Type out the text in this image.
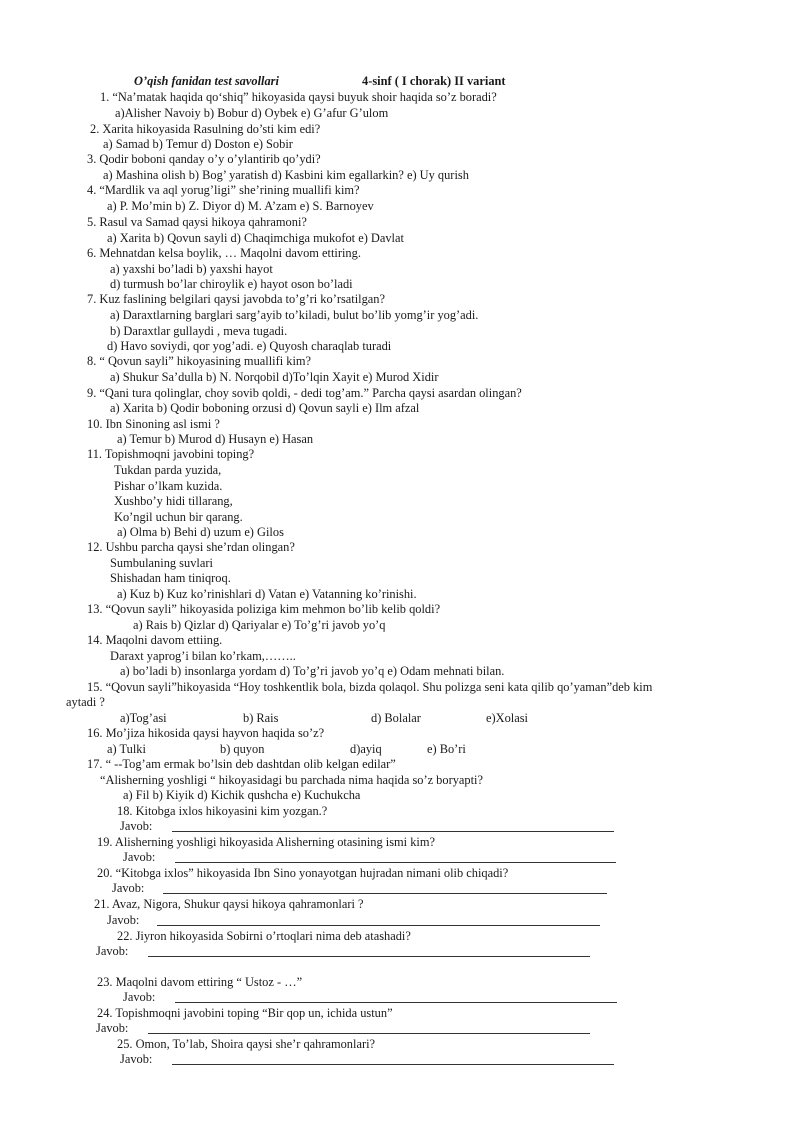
O’qish fanidan test savollari	4-sinf ( I chorak) II variant
1. “Na’matak haqida qo‘shiq” hikoyasida qaysi buyuk shoir haqida so’z boradi?
a)Alisher Navoiy b) Bobur d) Oybek e) G’afur G’ulom
2. Xarita hikoyasida Rasulning do’sti kim edi?
a) Samad b) Temur d) Doston e) Sobir
3. Qodir boboni qanday o’y o’ylantirib qo’ydi?
a) Mashina olish b) Bog’ yaratish d) Kasbini kim egallarkin? e) Uy qurish
4. “Mardlik va aql yorug’ligi” she’rining muallifi kim?
a) P. Mo’min b) Z. Diyor d) M. A’zam e) S. Barnoyev
5. Rasul va Samad qaysi hikoya qahramoni?
a) Xarita b) Qovun sayli d) Chaqimchiga mukofot e) Davlat
6. Mehnatdan kelsa boylik, … Maqolni davom ettiring.
a) yaxshi bo’ladi b) yaxshi hayot
d) turmush bo’lar chiroylik e) hayot oson bo’ladi
7. Kuz faslining belgilari qaysi javobda to’g’ri ko’rsatilgan?
a) Daraxtlarning barglari sarg’ayib to’kiladi, bulut bo’lib yomg’ir yog’adi.
b) Daraxtlar gullaydi , meva tugadi.
d) Havo soviydi, qor yog’adi. e) Quyosh charaqlab turadi
8. “ Qovun sayli” hikoyasining muallifi kim?
a) Shukur Sa’dulla b) N. Norqobil d)To’lqin Xayit e) Murod Xidir
9. “Qani tura qolinglar, choy sovib qoldi, - dedi tog’am.” Parcha qaysi asardan olingan?
a) Xarita b) Qodir boboning orzusi d) Qovun sayli e) Ilm afzal
10. Ibn Sinoning asl ismi ?
a) Temur b) Murod d) Husayn e) Hasan
11. Topishmoqni javobini toping?
Tukdan parda yuzida,
Pishar o’lkam kuzida.
Xushbo’y hidi tillarang,
Ko’ngil uchun bir qarang.
a) Olma b) Behi d) uzum e) Gilos
12. Ushbu parcha qaysi she’rdan olingan?
Sumbulaning suvlari
Shishadan ham tiniqroq.
a) Kuz b) Kuz ko’rinishlari d) Vatan e) Vatanning ko’rinishi.
13. “Qovun sayli” hikoyasida poliziga kim mehmon bo’lib kelib qoldi?
a) Rais b) Qizlar d) Qariyalar e) To’g’ri javob yo’q
14. Maqolni davom ettiing.
Daraxt yaprog’i bilan ko’rkam,……..
a) bo’ladi b) insonlarga yordam d) To’g’ri javob yo’q e) Odam mehnati bilan.
15. “Qovun sayli”hikoyasida “Hoy toshkentlik bola, bizda qolaqol. Shu polizga seni kata qilib qo’yaman”deb kim
aytadi ?
a)Tog’asi	b) Rais	d) Bolalar	e)Xolasi
16. Mo’jiza hikosida qaysi hayvon haqida so’z?
a) Tulki	b) quyon	d)ayiq	e) Bo’ri
17. “ --Tog’am ermak bo’lsin deb dashtdan olib kelgan edilar”
“Alisherning yoshligi “ hikoyasidagi bu parchada nima haqida so’z boryapti?
a) Fil b) Kiyik d) Kichik qushcha e) Kuchukcha
18. Kitobga ixlos hikoyasini kim yozgan.?
Javob:
19. Alisherning yoshligi hikoyasida Alisherning otasining ismi kim?
Javob:
20. “Kitobga ixlos” hikoyasida Ibn Sino yonayotgan hujradan nimani olib chiqadi?
Javob:
21. Avaz, Nigora, Shukur qaysi hikoya qahramonlari ?
Javob:
22. Jiyron hikoyasida Sobirni o’rtoqlari nima deb atashadi?
Javob:
23. Maqolni davom ettiring “ Ustoz - …”
Javob:
24. Topishmoqni javobini toping “Bir qop un, ichida ustun”
Javob:
25. Omon, To’lab, Shoira qaysi she’r qahramonlari?
Javob:
